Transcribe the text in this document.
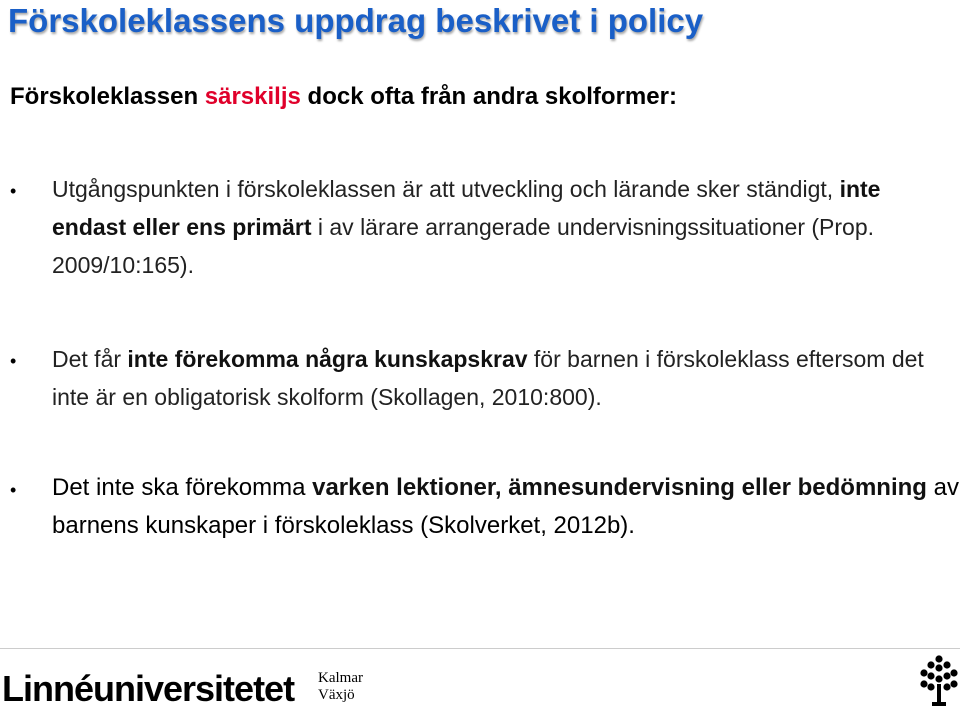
Förskoleklassens uppdrag beskrivet i policy
Förskoleklassen särskiljs dock ofta från andra skolformer:
•	Utgångspunkten i förskoleklassen är att utveckling och lärande sker ständigt, inte endast eller ens primärt i av lärare arrangerade undervisningssituationer (Prop. 2009/10:165).
•	Det får inte förekomma några kunskapskrav för barnen i förskoleklass eftersom det inte är en obligatorisk skolform (Skollagen, 2010:800).
•	Det inte ska förekomma varken lektioner, ämnesundervisning eller bedömning av barnens kunskaper i förskoleklass (Skolverket, 2012b).
Linnéuniversitetet Kalmar
Växjö
